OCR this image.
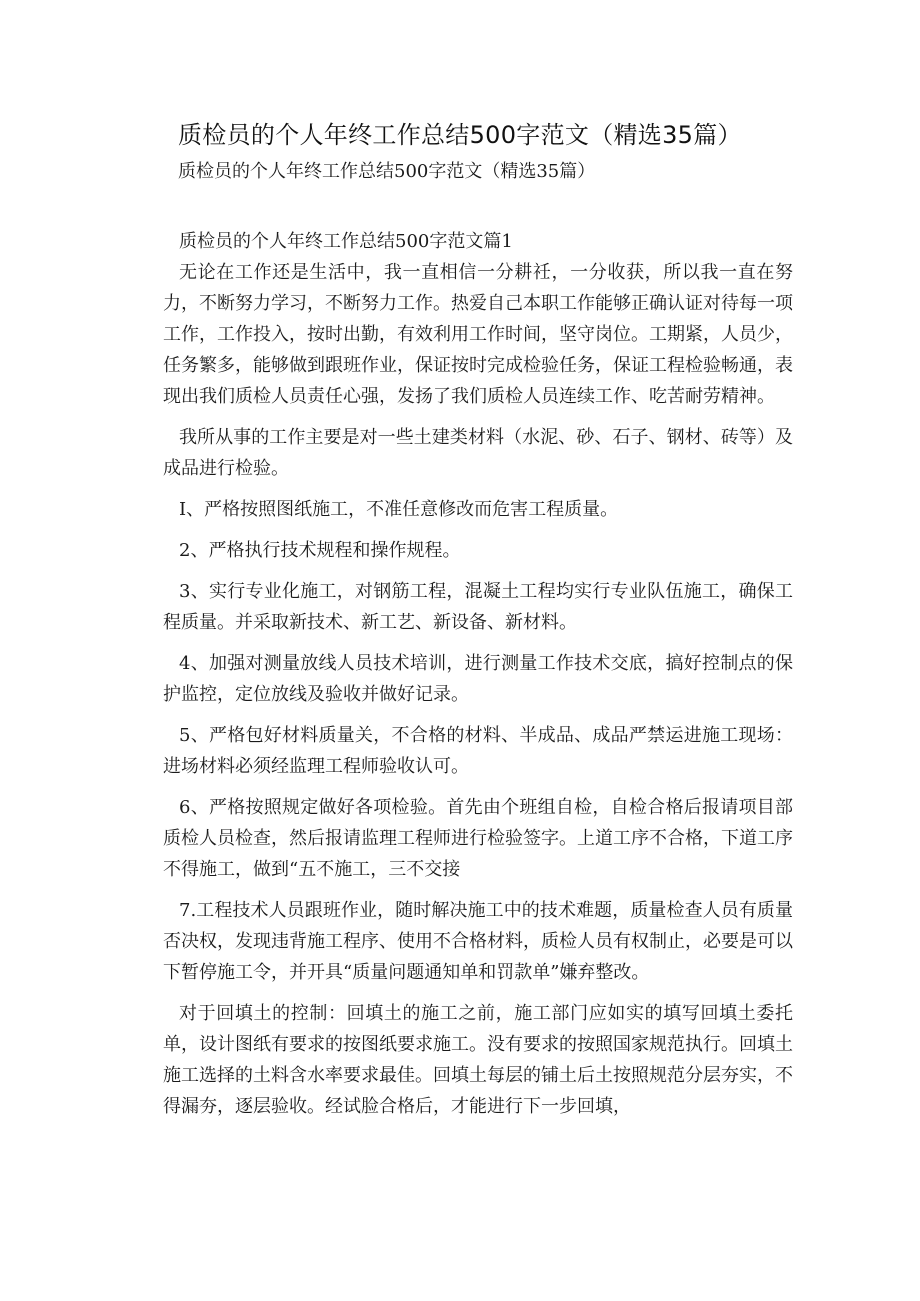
质检员的个人年终工作总结500字范文（精选35篇）
质检员的个人年终工作总结500字范文（精选35篇）

质检员的个人年终工作总结500字范文篇1

无论在工作还是生活中，我一直相信一分耕祍，一分收获，所以我一直在努力，不断努力学习，不断努力工作。热爱自己本职工作能够正确认证对待每一项工作，工作投入，按时出勤，有效利用工作时间，坚守岗位。工期紧，人员少，任务繁多，能够做到跟班作业，保证按时完成检验任务，保证工程检验畅通，表现出我们质检人员责任心强，发扬了我们质检人员连续工作、吃苦耐劳精神。

我所从事的工作主要是对一些土建类材料（水泥、砂、石子、钢材、砖等）及成品进行检验。

I、严格按照图纸施工，不准任意修改而危害工程质量。

2、严格执行技术规程和操作规程。

3、实行专业化施工，对钢筋工程，混凝土工程均实行专业队伍施工，确保工程质量。并采取新技术、新工艺、新设备、新材料。

4、加强对测量放线人员技术培训，进行测量工作技术交底，搞好控制点的保护监控，定位放线及验收并做好记录。

5、严格包好材料质量关，不合格的材料、半成品、成品严禁运进施工现场：进场材料必须经监理工程师验收认可。

6、严格按照规定做好各项检验。首先由个班组自检，自检合格后报请项目部质检人员检查，然后报请监理工程师进行检验签字。上道工序不合格，下道工序不得施工，做到“五不施工，三不交接

7.工程技术人员跟班作业，随时解决施工中的技术难题，质量检查人员有质量否决权，发现违背施工程序、使用不合格材料，质检人员有权制止，必要是可以下暂停施工令，并开具“质量问题通知单和罚款单”嫌弃整改。

对于回填土的控制：回填土的施工之前，施工部门应如实的填写回填土委托单，设计图纸有要求的按图纸要求施工。没有要求的按照国家规范执行。回填土施工选择的土料含水率要求最佳。回填土每层的铺土后土按照规范分层夯实，不得漏夯，逐层验收。经试脸合格后，才能进行下一步回填，
